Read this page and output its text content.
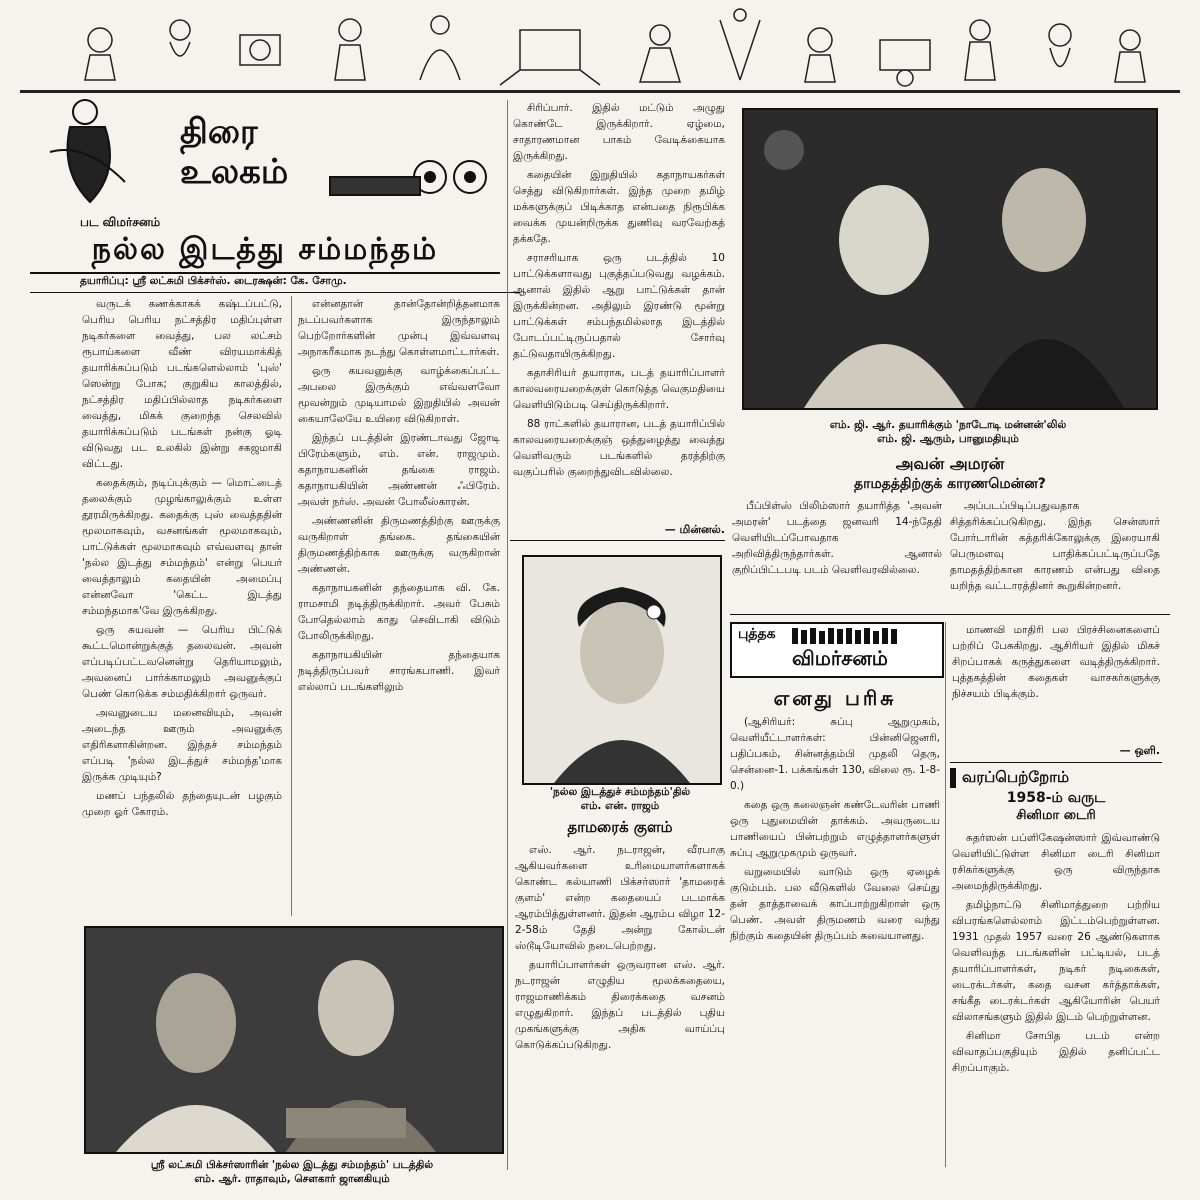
திரை
உலகம்
பட விமர்சனம்
நல்ல இடத்து சம்மந்தம்
தயாரிப்பு: ஸ்ரீ லட்சுமி பிக்சர்ஸ். டைரக்ஷன்: கே. சோமு.

வருடக் கணக்காகக் கஷ்டப்பட்டு, பெரிய பெரிய நட்சத்திர மதிப்புள்ள நடிகர்களை வைத்து, பல லட்சம் ரூபாய்களை வீண் விரயமாக்கித் தயாரிக்கப்படும் படங்களெல்லாம் 'புஸ்' ஸென்று போக; குறுகிய காலத்தில், நட்சத்திர மதிப்பில்லாத நடிகர்களை வைத்து, மிகக் குறைந்த செலவில் தயாரிக்கப்படும் படங்கள் நன்கு ஓடி விடுவது பட உலகில் இன்று சகஜமாகி விட்டது.

கதைக்கும், நடிப்புக்கும் — மொட்டைத் தலைக்கும் முழங்காலுக்கும் உள்ள தூரமிருக்கிறது. கதைக்கு புஸ் வைத்ததின் மூலமாகவும், வசனங்கள் மூலமாகவும், பாட்டுக்கள் மூலமாகவும் எவ்வளவு தான் 'நல்ல இடத்து சம்மந்தம்' என்று பெயர் வைத்தாலும் கதையின் அமைப்பு என்னவோ 'கெட்ட இடத்து சம்மந்தமாக'வே இருக்கிறது.

ஒரு சுயவன் — பெரிய பிட்டுக் கூட்டமொன்றுக்குத் தலைவன். அவன் எப்படிப்பட்டவனென்று தெரியாமலும், அவனைப் பார்க்காமலும் அவனுக்குப் பெண் கொடுக்க சம்மதிக்கிறார் ஒருவர்.

அவனுடைய மனைவியும், அவன் அடைந்த ஊரும் அவனுக்கு எதிரிகளாகின்றன. இந்தச் சம்மந்தம் எப்படி 'நல்ல இடத்துச் சம்மந்த'மாக இருக்க முடியும்?

மணப் பந்தலில் தந்தையுடன் பழகும் முறை ஓர் கோரம்.

என்னதான் தான்தோன்றித்தனமாக நடப்பவர்களாக இருந்தாலும் பெற்றோர்களின் முன்பு இவ்வளவு அநாகரீகமாக நடந்து கொள்ளமாட்டார்கள்.

ஒரு கயவனுக்கு வாழ்க்கைப்பட்ட அபலை இருக்கும் எவ்வளவோ மூவன்றும் முடியாமல் இறுதியில் அவன் கையாலேயே உயிரை விடுகிறாள்.

இந்தப் படத்தின் இரண்டாவது ஜோடி பிரேம்களும், எம். என். ராஜமும். கதாநாயகனின் தங்கை ராஜம். கதாநாயகியின் அண்ணன் ஃபிரேம். அவள் நர்ஸ். அவன் போலீஸ்காரன்.

அண்ணனின் திருமணத்திற்கு ஊருக்கு வருகிறாள் தங்கை. தங்கையின் திருமணத்திற்காக ஊருக்கு வருகிறான் அண்ணன்.

கதாநாயகனின் தந்தையாக வி. கே. ராமசாமி நடித்திருக்கிறார். அவர் பேசும் போதெல்லாம் காது செவிடாகி விடும் போலிருக்கிறது.

கதாநாயகியின் தந்தையாக நடித்திருப்பவர் சாரங்கபாணி. இவர் எல்லாப் படங்களிலும்

சிரிப்பார். இதில் மட்டும் அழுது கொண்டே இருக்கிறார். ஏழ்மை, சாதாரணமான பாகம் வேடிக்கையாக இருக்கிறது.

கதையின் இறுதியில் கதாநாயகர்கள் செத்து விடுகிறார்கள். இந்த முறை தமிழ் மக்களுக்குப் பிடிக்காத என்பதை நிரூபிக்க வைக்க முயன்றிருக்க துணிவு வரவேற்கத் தக்கதே.

சராசரியாக ஒரு படத்தில் 10 பாட்டுக்களாவது புகுத்தப்படுவது வழக்கம். ஆனால் இதில் ஆறு பாட்டுக்கள் தான் இருக்கின்றன. அதிலும் இரண்டு மூன்று பாட்டுக்கள் சம்பந்தமில்லாத இடத்தில் போடப்பட்டிருப்பதால் சோர்வு தட்டுவதாயிருக்கிறது.

கதாசிரியர் தயாராக, படத் தயாரிப்பாளர் காலவரையறைக்குள் கொடுத்த வெகுமதியை வெளியிடும்படி செய்திருக்கிறார்.

88 ராட்களில் தயாரான, படத் தயாரிப்பில் காலவரையறைக்குஞ் ஒத்துழைத்து வைத்து வெளிவரும் படங்களில் தரத்திற்கு வகுப்பரில் குறைந்துவிடவில்லை.

— மின்னல்.
எம். ஜி. ஆர். தயாரிக்கும் 'நாடோடி மன்னன்'லில்
எம். ஜி. ஆரும், பானுமதியும்
அவன் அமரன்
தாமதத்திற்குக் காரணமென்ன?

பீப்பிள்ஸ் பிலிம்ஸார் தயாரித்த 'அவன் அமரன்' படத்தை ஜனவரி 14-ந்தேதி வெளியிடப்போவதாக அறிவித்திருந்தார்கள். ஆனால் குறிப்பிட்டபடி படம் வெளிவரவில்லை.

அப்படப்பிடிப்பதுவதாக சித்தரிக்கப்படுகிறது. இந்த சென்ஸார் போர்டாரின் கத்தரிக்கோலுக்கு இரையாகி பெருமளவு பாதிக்கப்பட்டிருப்பதே தாமதத்திற்கான காரணம் என்பது விதை யறிந்த வட்டாரத்தினர் கூறுகின்றனர்.

புத்தக
விமர்சனம்
எனது பரிசு

(ஆசிரியர்: சுப்பு ஆறுமுகம், வெளியீட்டாளர்கள்: பின்னிஜெனரி, பதிப்பகம், சின்னத்தம்பி முதலி தெரு, சென்னை-1. பக்கங்கள் 130, விலை ரூ. 1-8-0.)

கதை ஒரு கலைஞன் கண்டேவரின் பாணி ஒரு புதுமையின் தாக்கம். அவருடைய பாணியைப் பின்பற்றும் எழுத்தாளர்களுள் சுப்பு ஆறுமுகமும் ஒருவர்.

வறுமையில் வாடும் ஒரு ஏழைக் குடும்பம். பல வீடுகளில் வேலை செய்து தன் தாத்தாவைக் காப்பாற்றுகிறாள் ஒரு பெண். அவள் திருமணம் வரை வந்து நிற்கும் கதையின் திருப்பம் சுவையானது.

மாணவி மாதிரி பல பிரச்சினைகளைப் பற்றிப் பேசுகிறது. ஆசிரியர் இதில் மிகச் சிறப்பாகக் கருத்துகளை வடித்திருக்கிறார். புத்தகத்தின் கதைகள் வாசகர்களுக்கு நிச்சயம் பிடிக்கும்.

— ஒளி.
வரப்பெற்றோம்
1958-ம் வருட
சினிமா டைரி

சுதர்ஸன் பப்ளிகேஷன்ஸார் இவ்வாண்டு வெளியிட்டுள்ள சினிமா டைரி சினிமா ரசிகர்களுக்கு ஒரு விருந்தாக அமைந்திருக்கிறது.

தமிழ்நாட்டு சினிமாத்துறை பற்றிய விபரங்களெல்லாம் இட்டம்பெற்றுள்ளன. 1931 முதல் 1957 வரை 26 ஆண்டுகளாக வெளிவந்த படங்களின் பட்டியல், படத் தயாரிப்பாளர்கள், நடிகர் நடிகைகள், டைரக்டர்கள், கதை வசன கர்த்தாக்கள், சங்கீத டைரக்டர்கள் ஆகியோரின் பெயர் விலாசங்களும் இதில் இடம் பெற்றுள்ளன.

சினிமா சோபித படம் என்ற விவாதப்பகுதியும் இதில் தனிப்பட்ட சிறப்பாகும்.

'நல்ல இடத்துச் சம்மந்தம்'தில்
எம். என். ராஜம்
தாமரைக் குளம்

எஸ். ஆர். நடராஜன், வீரபாகு ஆகியவர்களை உரிமையாளர்களாகக் கொண்ட கல்யாணி பிக்சர்ஸார் 'தாமரைக் குளம்' என்ற கதையைப் படமாக்க ஆரம்பித்துள்ளனர். இதன் ஆரம்ப விழா 12-2-58ம் தேதி அன்று கோல்டன் ஸ்டூடியோவில் நடைபெற்றது.

தயாரிப்பாளர்கள் ஒருவரான எஸ். ஆர். நடராஜன் எழுதிய மூலக்கதையை, ராஜமாணிக்கம் திரைக்கதை வசனம் எழுதுகிறார். இந்தப் படத்தில் புதிய முகங்களுக்கு அதிக வாய்ப்பு கொடுக்கப்படுகிறது.

ஸ்ரீ லட்சுமி பிக்சர்ஸாரின் 'நல்ல இடத்து சம்மந்தம்' படத்தில்
எம். ஆர். ராதாவும், சௌகார் ஜானகியும்
